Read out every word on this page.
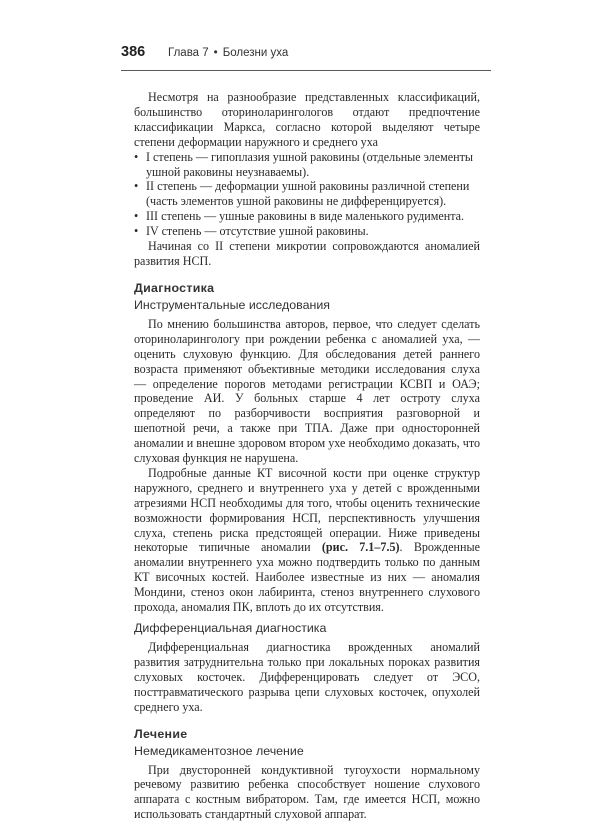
386 Глава 7 • Болезни уха

Несмотря на разнообразие представленных классификаций, большинство оториноларингологов отдают предпочтение классификации Маркса, согласно которой выделяют четыре степени деформации наружного и среднего уха

• I степень — гипоплазия ушной раковины (отдельные элементы ушной раковины неузнаваемы).
• II степень — деформации ушной раковины различной степени (часть элементов ушной раковины не дифференцируется).
• III степень — ушные раковины в виде маленького рудимента.
• IV степень — отсутствие ушной раковины.

Начиная со II степени микротии сопровождаются аномалией развития НСП.

Диагностика
Инструментальные исследования

По мнению большинства авторов, первое, что следует сделать оториноларингологу при рождении ребенка с аномалией уха, — оценить слуховую функцию. Для обследования детей раннего возраста применяют объективные методики исследования слуха — определение порогов методами регистрации КСВП и ОАЭ; проведение АИ. У больных старше 4 лет остроту слуха определяют по разборчивости восприятия разговорной и шепотной речи, а также при ТПА. Даже при односторонней аномалии и внешне здоровом втором ухе необходимо доказать, что слуховая функция не нарушена.

Подробные данные КТ височной кости при оценке структур наружного, среднего и внутреннего уха у детей с врожденными атрезиями НСП необходимы для того, чтобы оценить технические возможности формирования НСП, перспективность улучшения слуха, степень риска предстоящей операции. Ниже приведены некоторые типичные аномалии (рис. 7.1–7.5). Врожденные аномалии внутреннего уха можно подтвердить только по данным КТ височных костей. Наиболее известные из них — аномалия Мондини, стеноз окон лабиринта, стеноз внутреннего слухового прохода, аномалия ПК, вплоть до их отсутствия.

Дифференциальная диагностика

Дифференциальная диагностика врожденных аномалий развития затруднительна только при локальных пороках развития слуховых косточек. Дифференцировать следует от ЭСО, посттравматического разрыва цепи слуховых косточек, опухолей среднего уха.

Лечение
Немедикаментозное лечение

При двусторонней кондуктивной тугоухости нормальному речевому развитию ребенка способствует ношение слухового аппарата с костным вибратором. Там, где имеется НСП, можно использовать стандартный слуховой аппарат.
